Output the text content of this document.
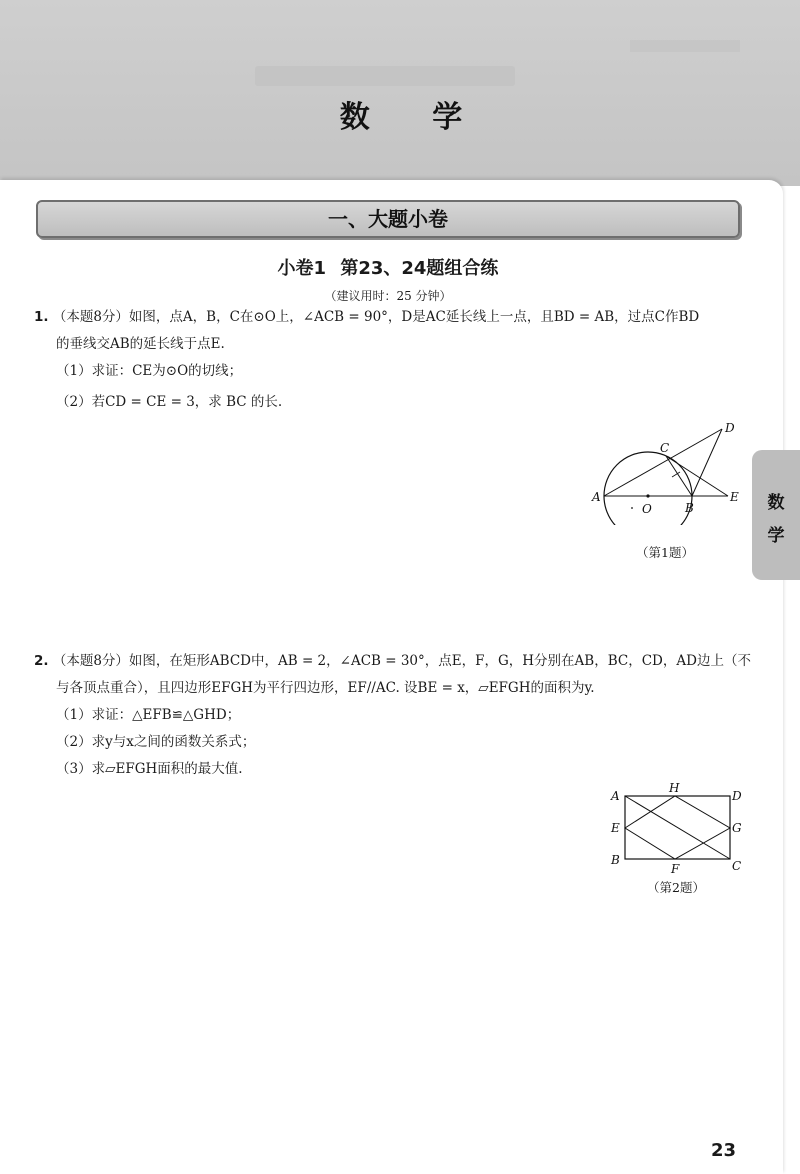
数 学
数
学
一、大题小卷
小卷1 第23、24题组合练
（建议用时：25 分钟）

1. （本题8分）如图，点A，B，C在⊙O上，∠ACB = 90°，D是AC延长线上一点，且BD = AB，过点C作BD

的垂线交AB的延长线于点E.

（1）求证：CE为⊙O的切线；

（2）若CD = CE = 3，求 BC 的长.

A
B
C
D
E
O
（第1题）

2. （本题8分）如图，在矩形ABCD中，AB = 2，∠ACB = 30°，点E，F，G，H分别在AB，BC，CD，AD边上（不

与各顶点重合），且四边形EFGH为平行四边形，EF//AC. 设BE = x，▱EFGH的面积为y.

（1）求证：△EFB≌△GHD；

（2）求y与x之间的函数关系式；

（3）求▱EFGH面积的最大值.

A
B	C
D
E
F
G
H
（第2题）
23
